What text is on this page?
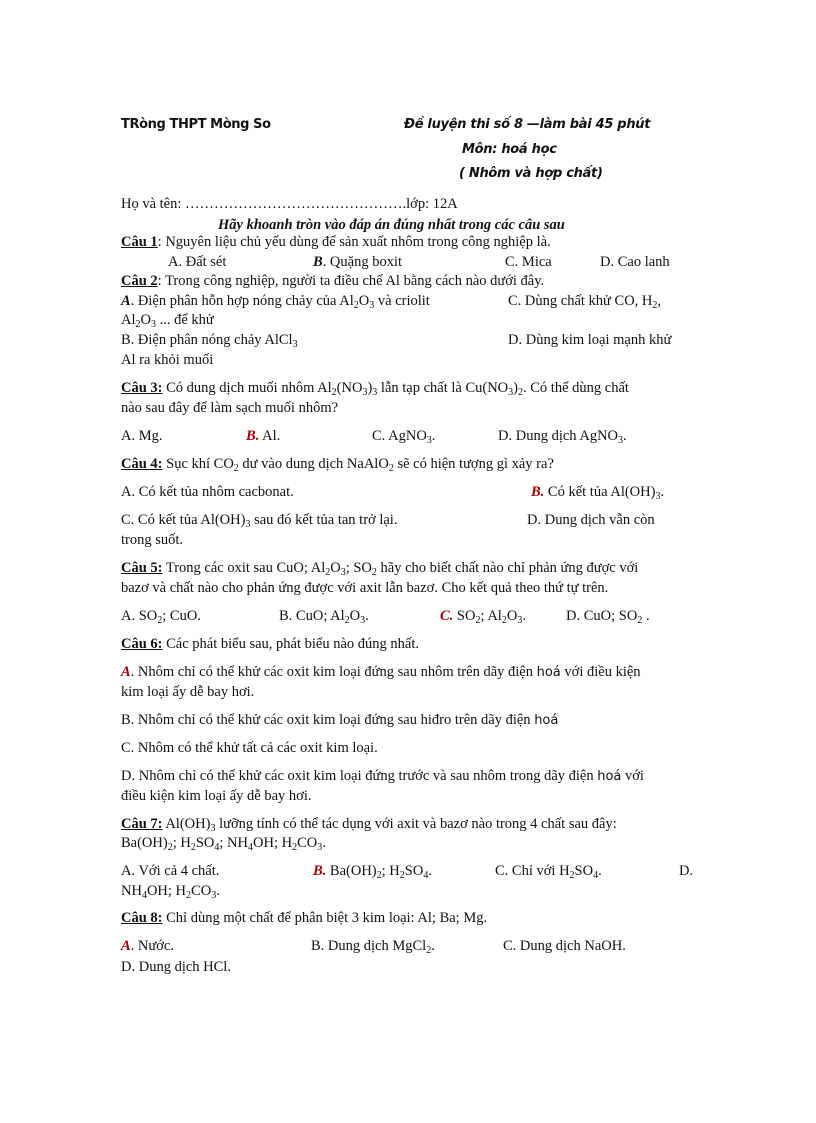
TRòng THPT Mòng So	Đề luyện thi số 8 —làm bài 45 phút
Môn: hoá học
( Nhôm và hợp chất)
Họ và tên: ……………………………………….lớp: 12A
Hãy khoanh tròn vào đáp án đúng nhất trong các câu sau
Câu 1: Nguyên liệu chủ yếu dùng để sản xuất nhôm trong công nghiệp là.
A. Đất sét	B. Quặng boxit	C. Mica	D. Cao lanh
Câu 2: Trong công nghiệp, người ta điều chế Al bằng cách nào dưới đây.
A. Điện phân hỗn hợp nóng chảy của $Al_2O_3$ và criolit	C. Dùng chất khử CO, $H_2$,
$Al_2O_3$ ... để khử
B. Điện phân nóng chảy AlCl$_3$	D. Dùng kim loại mạnh khử
Al ra khỏi muối
Câu 3: Có dung dịch muối nhôm $Al_2(NO_3)_3$ lẫn tạp chất là $Cu(NO_3)_2$. Có thể dùng chất
nào sau đây để làm sạch muối nhôm?
A. Mg.	B. Al.	C. AgNO$_3$.	D. Dung dịch AgNO$_3$.
Câu 4: Sục khí $CO_2$ dư vào dung dịch NaAlO$_2$ sẽ có hiện tượng gì xảy ra?
A. Có kết tủa nhôm cacbonat.	B. Có kết tủa $Al(OH)_3$.
C. Có kết tủa $Al(OH)_3$ sau đó kết tủa tan trở lại.	D. Dung dịch vẫn còn
trong suốt.
Câu 5: Trong các oxit sau CuO; $Al_2O_3$; $SO_2$ hãy cho biết chất nào chỉ phản ứng được với
bazơ và chất nào cho phản ứng được với axit lẫn bazơ. Cho kết quả theo thứ tự trên.
A. $SO_2$; CuO.	B. CuO; $Al_2O_3$.	C. $SO_2$; $Al_2O_3$.	D. CuO; $SO_2$ .
Câu 6: Các phát biểu sau, phát biểu nào đúng nhất.
A. Nhôm chỉ có thể khử các oxit kim loại đứng sau nhôm trên dãy điện hoá với điều kiện
kim loại ấy dễ bay hơi.
B. Nhôm chỉ có thể khử các oxit kim loại đứng sau hiđro trên dãy điện hoá
C. Nhôm có thể khử tất cả các oxit kim loại.
D. Nhôm chỉ có thể khử các oxit kim loại đứng trước và sau nhôm trong dãy điện hoá với
điều kiện kim loại ấy dễ bay hơi.
Câu 7: $Al(OH)_3$ lưỡng tính có thể tác dụng với axit và bazơ nào trong 4 chất sau đây:
$Ba(OH)_2$; $H_2SO_4$; $NH_4OH$; $H_2CO_3$.
A. Với cả 4 chất.	B. $Ba(OH)_2$; $H_2SO_4$.	C. Chỉ với $H_2SO_4$.	D.
$NH_4OH$; $H_2CO_3$.
Câu 8: Chỉ dùng một chất để phân biệt 3 kim loại: Al; Ba; Mg.
A. Nước.	B. Dung dịch MgCl$_2$.	C. Dung dịch NaOH.
D. Dung dịch HCl.
